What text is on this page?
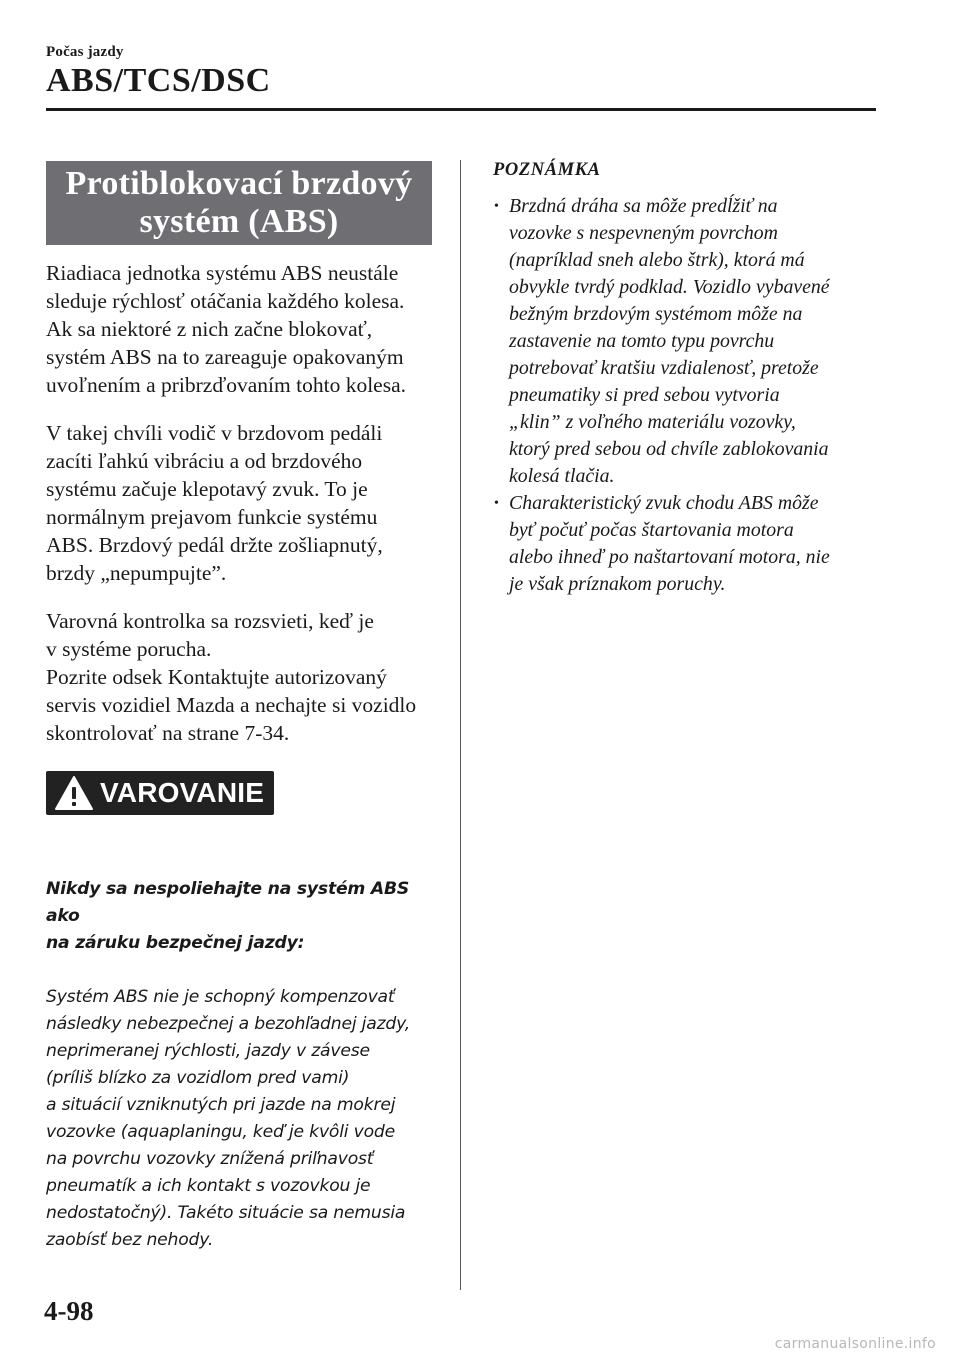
Počas jazdy
ABS/TCS/DSC
Protiblokovací brzdový
systém (ABS)

Riadiaca jednotka systému ABS neustále
sleduje rýchlosť otáčania každého kolesa.
Ak sa niektoré z nich začne blokovať,
systém ABS na to zareaguje opakovaným
uvoľnením a pribrzďovaním tohto kolesa.

V takej chvíli vodič v brzdovom pedáli
zacíti ľahkú vibráciu a od brzdového
systému začuje klepotavý zvuk. To je
normálnym prejavom funkcie systému
ABS. Brzdový pedál držte zošliapnutý,
brzdy „nepumpujte”.

Varovná kontrolka sa rozsvieti, keď je
v systéme porucha.
Pozrite odsek Kontaktujte autorizovaný
servis vozidiel Mazda a nechajte si vozidlo
skontrolovať na strane 7-34.

VAROVANIE

Nikdy sa nespoliehajte na systém ABS ako
na záruku bezpečnej jazdy:

Systém ABS nie je schopný kompenzovať
následky nebezpečnej a bezohľadnej jazdy,
neprimeranej rýchlosti, jazdy v závese
(príliš blízko za vozidlom pred vami)
a situácií vzniknutých pri jazde na mokrej
vozovke (aquaplaningu, keď je kvôli vode
na povrchu vozovky znížená priľnavosť
pneumatík a ich kontakt s vozovkou je
nedostatočný). Takéto situácie sa nemusia
zaobísť bez nehody.

POZNÁMKA
• Brzdná dráha sa môže predĺžiť na
vozovke s nespevneným povrchom
(napríklad sneh alebo štrk), ktorá má
obvykle tvrdý podklad. Vozidlo vybavené
bežným brzdovým systémom môže na
zastavenie na tomto typu povrchu
potrebovať kratšiu vzdialenosť, pretože
pneumatiky si pred sebou vytvoria
„klin” z voľného materiálu vozovky,
ktorý pred sebou od chvíle zablokovania
kolesá tlačia.
• Charakteristický zvuk chodu ABS môže
byť počuť počas štartovania motora
alebo ihneď po naštartovaní motora, nie
je však príznakom poruchy.
4-98
carmanualsonline.info
